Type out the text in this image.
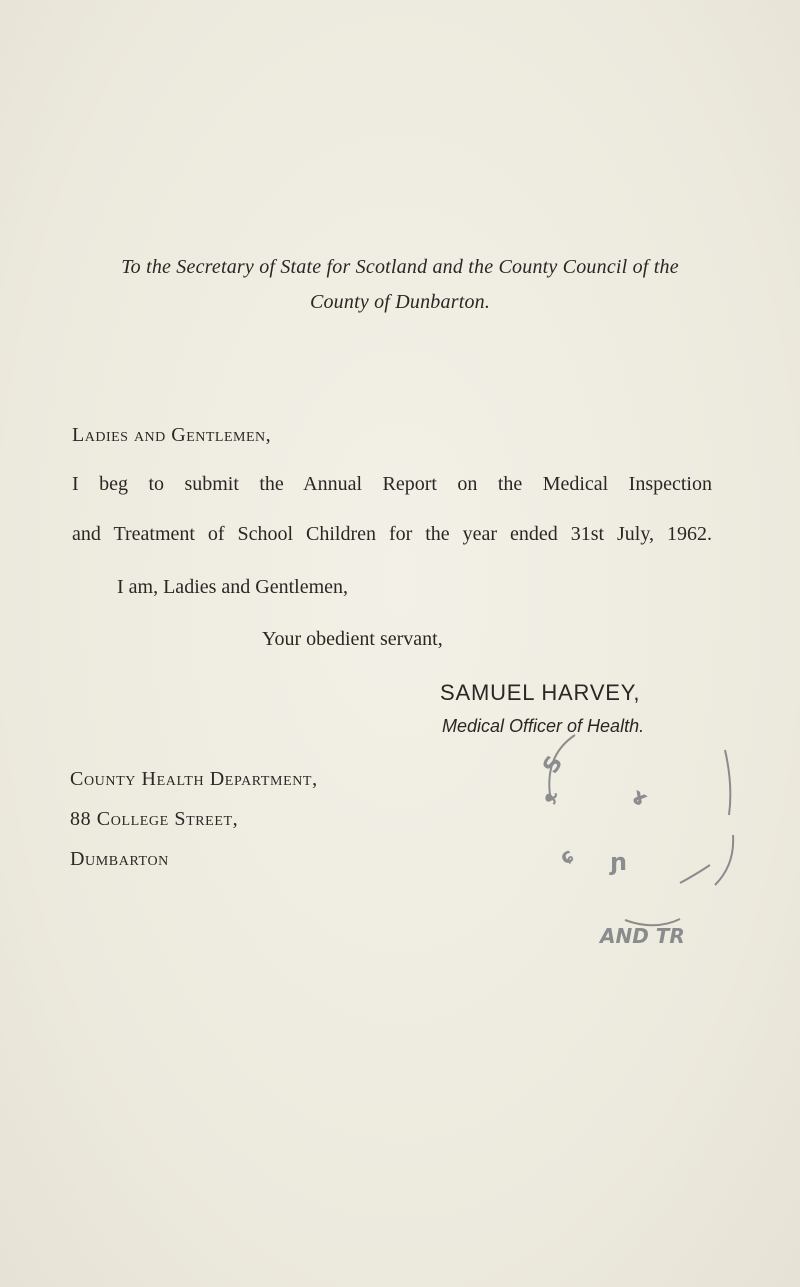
To the Secretary of State for Scotland and the County Council of the
County of Dunbarton.
Ladies and Gentlemen,
I beg to submit the Annual Report on the Medical Inspection
and Treatment of School Children for the year ended 31st July, 1962.
I am, Ladies and Gentlemen,
Your obedient servant,
SAMUEL HARVEY,
Medical Officer of Health.
County Health Department,
88 College Street,
Dumbarton
S
ᴥ	ɤ
ɲ
ɕ
AND TR
